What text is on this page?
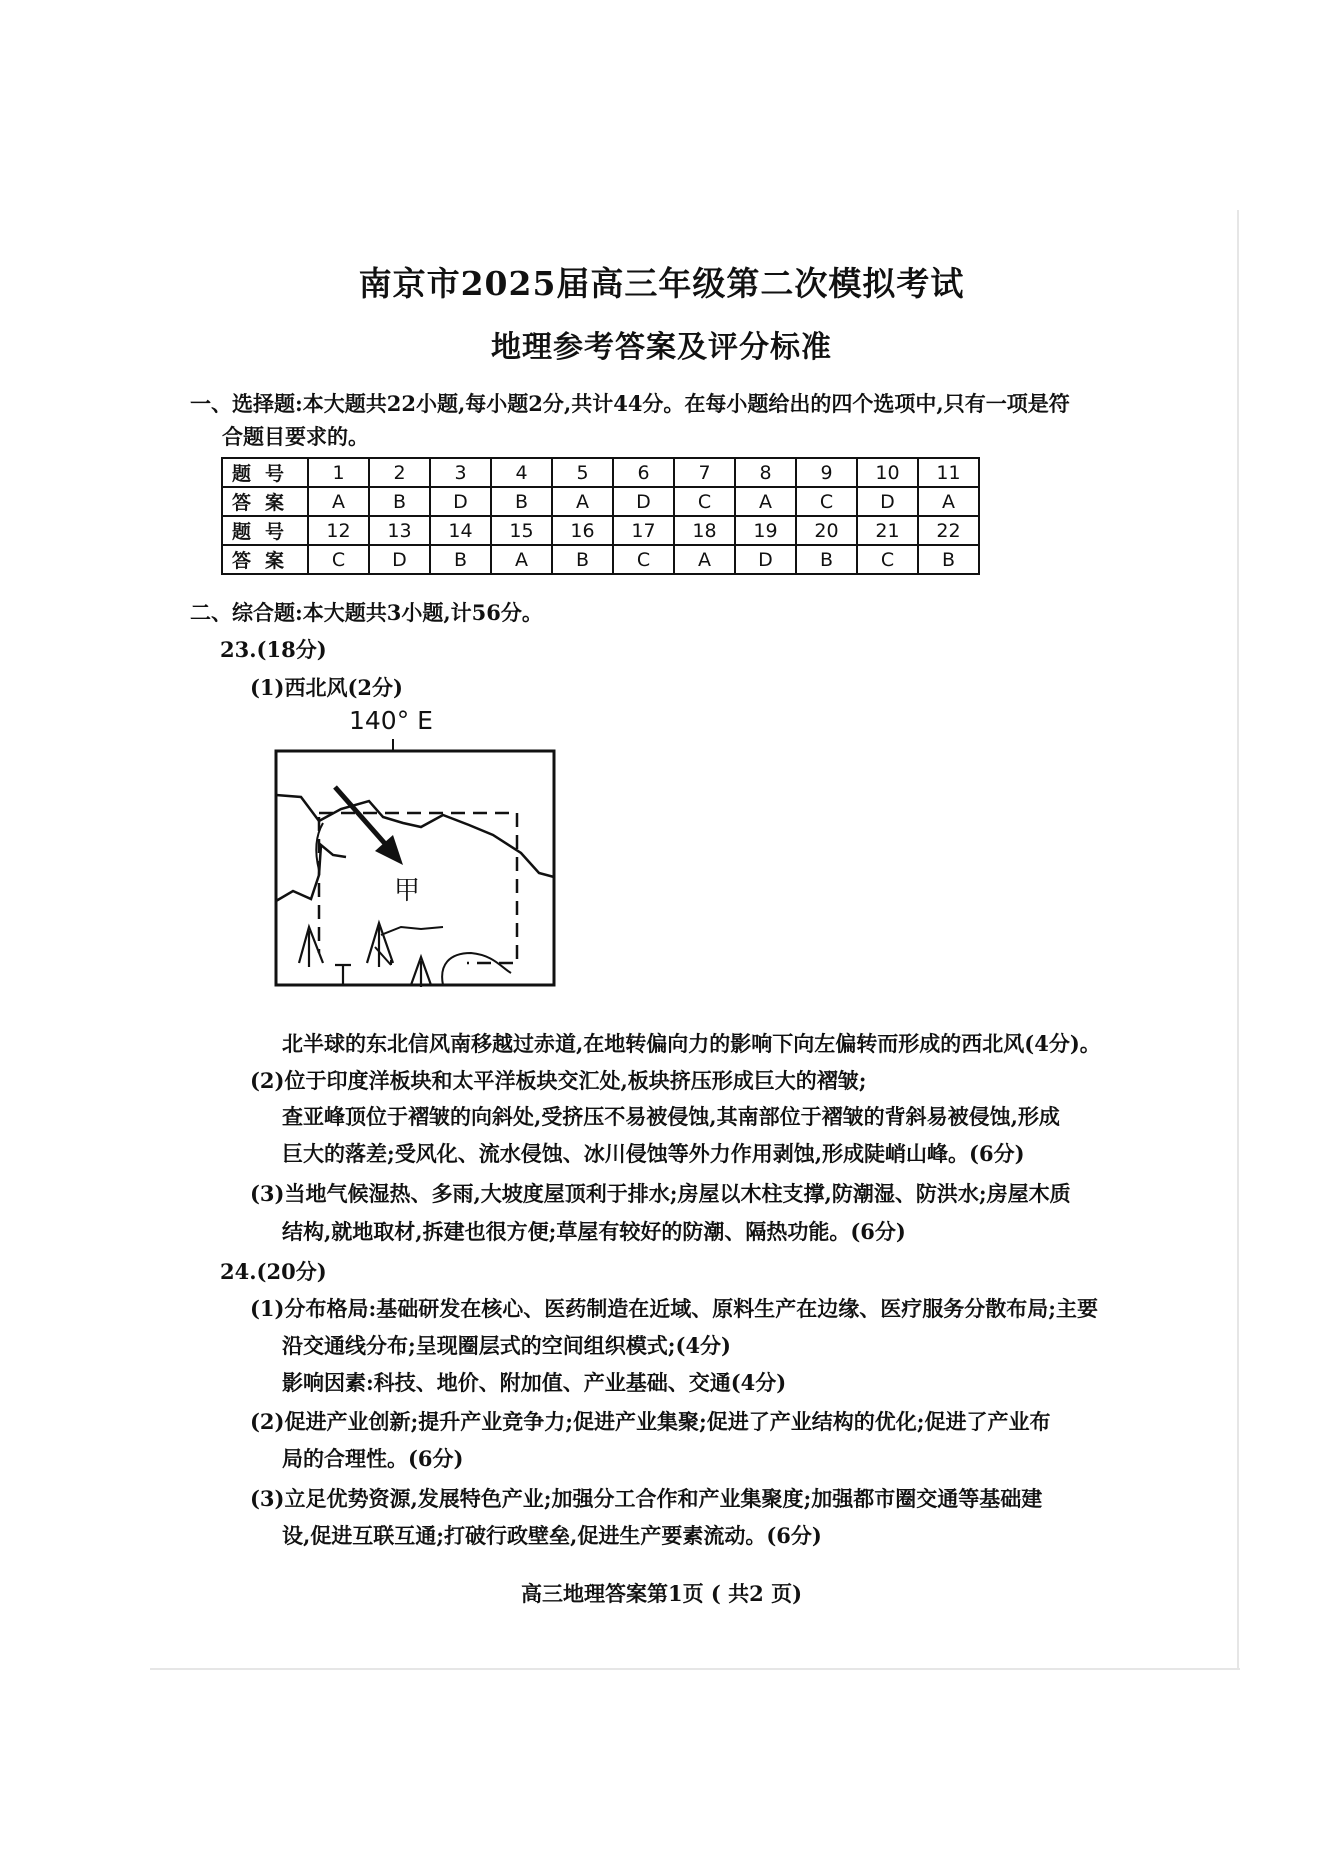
南京市2025届高三年级第二次模拟考试
地理参考答案及评分标准
一、选择题:本大题共22小题,每小题2分,共计44分。在每小题给出的四个选项中,只有一项是符
合题目要求的。
题号	1	2	3	4	5	6	7	8	9	10	11
答案	A	B	D	B	A	D	C	A	C	D	A
题号	12	13	14	15	16	17	18	19	20	21	22
答案	C	D	B	A	B	C	A	D	B	C	B
二、综合题:本大题共3小题,计56分。
23.(18分)
(1)西北风(2分)
140° E
甲
北半球的东北信风南移越过赤道,在地转偏向力的影响下向左偏转而形成的西北风(4分)。
(2)位于印度洋板块和太平洋板块交汇处,板块挤压形成巨大的褶皱;
查亚峰顶位于褶皱的向斜处,受挤压不易被侵蚀,其南部位于褶皱的背斜易被侵蚀,形成
巨大的落差;受风化、流水侵蚀、冰川侵蚀等外力作用剥蚀,形成陡峭山峰。(6分)
(3)当地气候湿热、多雨,大坡度屋顶利于排水;房屋以木柱支撑,防潮湿、防洪水;房屋木质
结构,就地取材,拆建也很方便;草屋有较好的防潮、隔热功能。(6分)
24.(20分)
(1)分布格局:基础研发在核心、医药制造在近域、原料生产在边缘、医疗服务分散布局;主要
沿交通线分布;呈现圈层式的空间组织模式;(4分)
影响因素:科技、地价、附加值、产业基础、交通(4分)
(2)促进产业创新;提升产业竞争力;促进产业集聚;促进了产业结构的优化;促进了产业布
局的合理性。(6分)
(3)立足优势资源,发展特色产业;加强分工合作和产业集聚度;加强都市圈交通等基础建
设,促进互联互通;打破行政壁垒,促进生产要素流动。(6分)
高三地理答案第1页 ( 共2 页)
